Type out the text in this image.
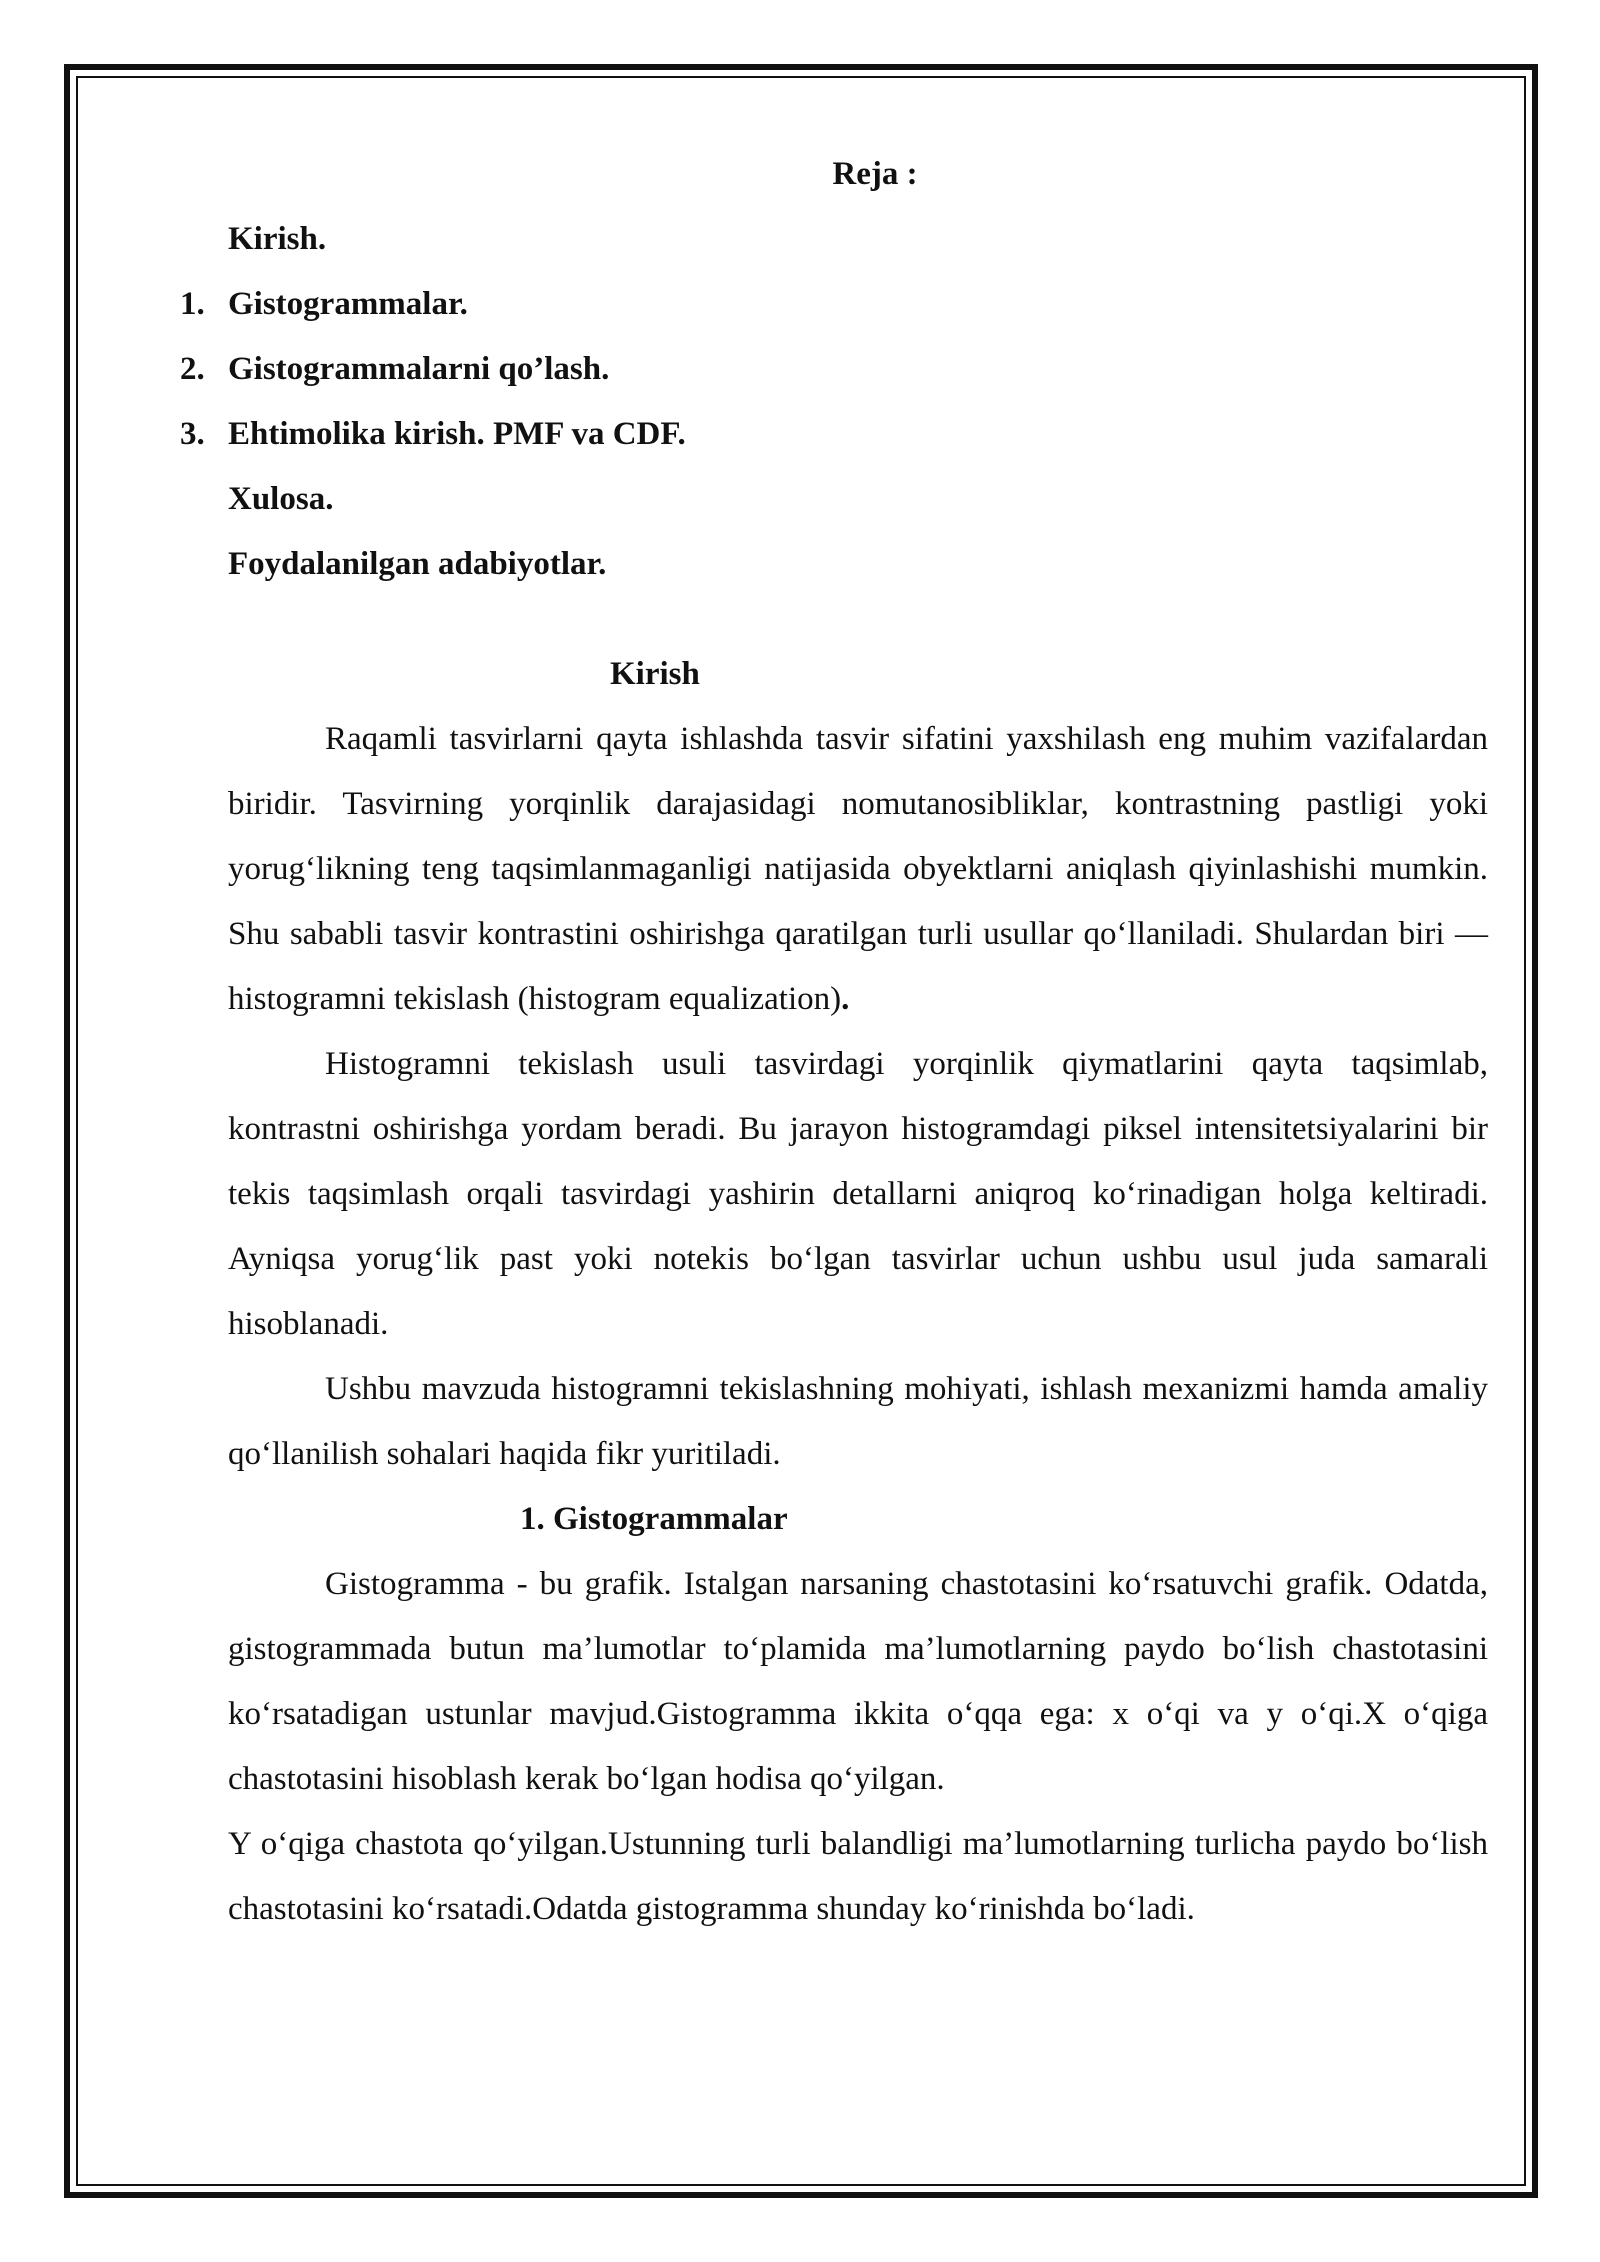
Reja :

Kirish.

1. Gistogrammalar.

2. Gistogrammalarni qo’lash.

3. Ehtimolika kirish. PMF va CDF.

Xulosa.

Foydalanilgan adabiyotlar.

Kirish

Raqamli tasvirlarni qayta ishlashda tasvir sifatini yaxshilash eng muhim vazifalardan biridir. Tasvirning yorqinlik darajasidagi nomutanosibliklar, kontrastning pastligi yoki yorug‘likning teng taqsimlanmaganligi natijasida obyektlarni aniqlash qiyinlashishi mumkin. Shu sababli tasvir kontrastini oshirishga qaratilgan turli usullar qo‘llaniladi. Shulardan biri — histogramni tekislash (histogram equalization).

Histogramni tekislash usuli tasvirdagi yorqinlik qiymatlarini qayta taqsimlab, kontrastni oshirishga yordam beradi. Bu jarayon histogramdagi piksel intensitetsiyalarini bir tekis taqsimlash orqali tasvirdagi yashirin detallarni aniqroq ko‘rinadigan holga keltiradi. Ayniqsa yorug‘lik past yoki notekis bo‘lgan tasvirlar uchun ushbu usul juda samarali hisoblanadi.

Ushbu mavzuda histogramni tekislashning mohiyati, ishlash mexanizmi hamda amaliy qo‘llanilish sohalari haqida fikr yuritiladi.

1. Gistogrammalar

Gistogramma - bu grafik. Istalgan narsaning chastotasini ko‘rsatuvchi grafik. Odatda, gistogrammada butun ma’lumotlar to‘plamida ma’lumotlarning paydo bo‘lish chastotasini ko‘rsatadigan ustunlar mavjud.Gistogramma ikkita o‘qqa ega: x o‘qi va y o‘qi.X o‘qiga chastotasini hisoblash kerak bo‘lgan hodisa qo‘yilgan.

Y o‘qiga chastota qo‘yilgan.Ustunning turli balandligi ma’lumotlarning turlicha paydo bo‘lish chastotasini ko‘rsatadi.Odatda gistogramma shunday ko‘rinishda bo‘ladi.
